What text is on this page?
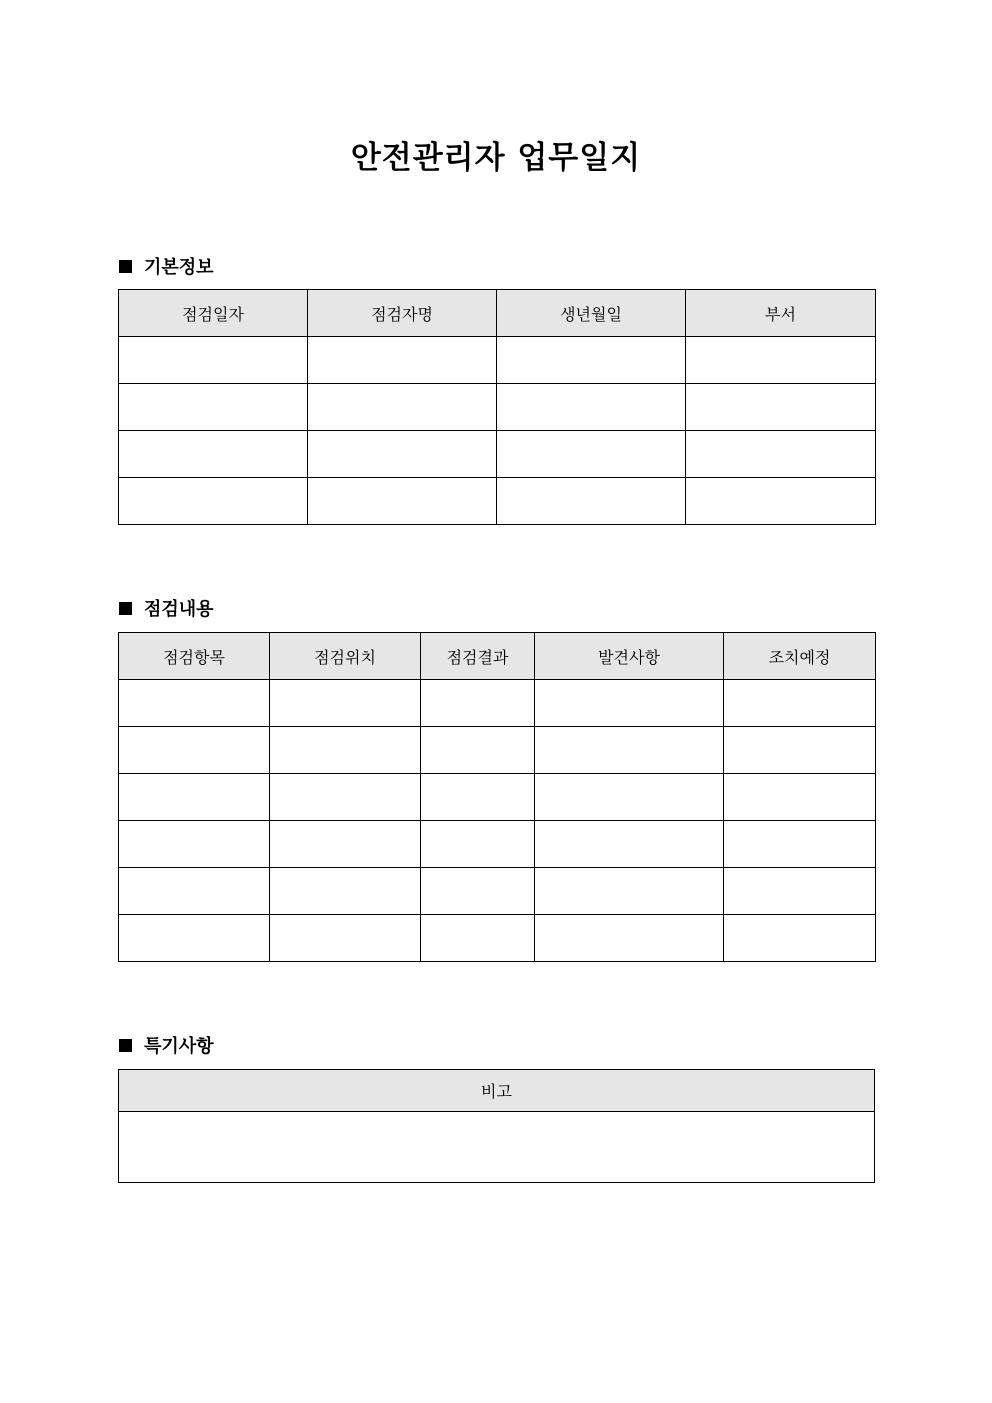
안전관리자 업무일지
기본정보
점검일자	점검자명	생년월일	부서

점검내용
점검항목	점검위치	점검결과	발견사항	조치예정

특기사항
비고
